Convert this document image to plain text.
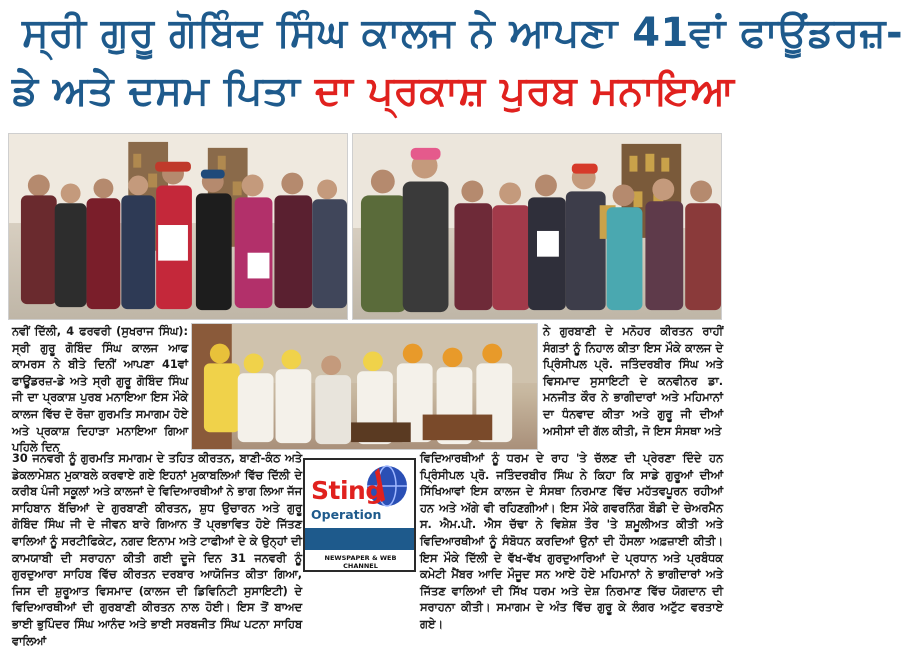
ਸ੍ਰੀ ਗੁਰੂ ਗੋਬਿੰਦ ਸਿੰਘ ਕਾਲਜ ਨੇ ਆਪਣਾ 41ਵਾਂ ਫਾਊਂਡਰਜ਼-
ਡੇ ਅਤੇ ਦਸਮ ਪਿਤਾ ਦਾ ਪ੍ਰਕਾਸ਼ ਪੁਰਬ ਮਨਾਇਆ
ਨਵੀਂ ਦਿੱਲੀ, 4 ਫਰਵਰੀ (ਸੁਖਰਾਜ ਸਿੰਘ): ਸ੍ਰੀ ਗੁਰੂ ਗੋਬਿੰਦ ਸਿੰਘ ਕਾਲਜ ਆਫ ਕਾਮਰਸ ਨੇ ਬੀਤੇ ਦਿਨੀਂ ਆਪਣਾ 41ਵਾਂ ਫਾਊਂਡਰਜ਼-ਡੇ ਅਤੇ ਸ੍ਰੀ ਗੁਰੂ ਗੋਬਿੰਦ ਸਿੰਘ ਜੀ ਦਾ ਪ੍ਰਕਾਸ਼ ਪੁਰਬ ਮਨਾਇਆ ਇਸ ਮੌਕੇ ਕਾਲਜ ਵਿੱਚ ਦੋ ਰੋਜ਼ਾ ਗੁਰਮਤਿ ਸਮਾਗਮ ਹੋਏ ਅਤੇ ਪ੍ਰਕਾਸ਼ ਦਿਹਾੜਾ ਮਨਾਇਆ ਗਿਆ ਪਹਿਲੇ ਦਿਨ
ਨੇ ਗੁਰਬਾਣੀ ਦੇ ਮਨੋਹਰ ਕੀਰਤਨ ਰਾਹੀਂ ਸੰਗਤਾਂ ਨੂੰ ਨਿਹਾਲ ਕੀਤਾ ਇਸ ਮੌਕੇ ਕਾਲਜ ਦੇ ਪ੍ਰਿੰਸੀਪਲ ਪ੍ਰੋ. ਜਤਿੰਦਰਬੀਰ ਸਿੰਘ ਅਤੇ ਵਿਸਮਾਦ ਸੁਸਾਇਟੀ ਦੇ ਕਨਵੀਨਰ ਡਾ. ਮਨਜੀਤ ਕੌਰ ਨੇ ਭਾਗੀਦਾਰਾਂ ਅਤੇ ਮਹਿਮਾਨਾਂ ਦਾ ਧੰਨਵਾਦ ਕੀਤਾ ਅਤੇ ਗੁਰੂ ਜੀ ਦੀਆਂ ਅਸੀਸਾਂ ਦੀ ਗੱਲ ਕੀਤੀ, ਜੋ ਇਸ ਸੰਸਥਾ ਅਤੇ
30 ਜਨਵਰੀ ਨੂੰ ਗੁਰਮਤਿ ਸਮਾਗਮ ਦੇ ਤਹਿਤ ਕੀਰਤਨ, ਬਾਣੀ-ਕੰਠ ਅਤੇ ਡੇਕਲਾਮੇਸ਼ਨ ਮੁਕਾਬਲੇ ਕਰਵਾਏ ਗਏ ਇਹਨਾਂ ਮੁਕਾਬਲਿਆਂ ਵਿੱਚ ਦਿੱਲੀ ਦੇ ਕਰੀਬ ਪੰਜੀ ਸਕੂਲਾਂ ਅਤੇ ਕਾਲਜਾਂ ਦੇ ਵਿਦਿਆਰਥੀਆਂ ਨੇ ਭਾਗ ਲਿਆ ਜੱਜ ਸਾਹਿਬਾਨ ਬੱਚਿਆਂ ਦੇ ਗੁਰਬਾਣੀ ਕੀਰਤਨ, ਸ਼ੁਧ ਉਚਾਰਨ ਅਤੇ ਗੁਰੂ ਗੋਬਿੰਦ ਸਿੰਘ ਜੀ ਦੇ ਜੀਵਨ ਬਾਰੇ ਗਿਆਨ ਤੋਂ ਪ੍ਰਭਾਵਿਤ ਹੋਏ ਜਿੱਤਣ ਵਾਲਿਆਂ ਨੂੰ ਸਰਟੀਫਿਕੇਟ, ਨਗਦ ਇਨਾਮ ਅਤੇ ਟਾਫੀਆਂ ਦੇ ਕੇ ਉਨ੍ਹਾਂ ਦੀ ਕਾਮਯਾਬੀ ਦੀ ਸਰਾਹਨਾ ਕੀਤੀ ਗਈ ਦੂਜੇ ਦਿਨ 31 ਜਨਵਰੀ ਨੂੰ ਗੁਰਦੁਆਰਾ ਸਾਹਿਬ ਵਿੱਚ ਕੀਰਤਨ ਦਰਬਾਰ ਆਯੋਜਿਤ ਕੀਤਾ ਗਿਆ, ਜਿਸ ਦੀ ਸ਼ੁਰੂਆਤ ਵਿਸਮਾਦ (ਕਾਲਜ ਦੀ ਡਿਵਿਨਿਟੀ ਸੁਸਾਇਟੀ) ਦੇ ਵਿਦਿਆਰਥੀਆਂ ਦੀ ਗੁਰਬਾਣੀ ਕੀਰਤਨ ਨਾਲ ਹੋਈ। ਇਸ ਤੋਂ ਬਾਅਦ ਭਾਈ ਭੁਪਿੰਦਰ ਸਿੰਘ ਆਨੰਦ ਅਤੇ ਭਾਈ ਸਰਬਜੀਤ ਸਿੰਘ ਪਟਨਾ ਸਾਹਿਬ ਵਾਲਿਆਂ
ਵਿਦਿਆਰਥੀਆਂ ਨੂੰ ਧਰਮ ਦੇ ਰਾਹ 'ਤੇ ਚੱਲਣ ਦੀ ਪ੍ਰੇਰਣਾ ਦਿੰਦੇ ਹਨ ਪ੍ਰਿੰਸੀਪਲ ਪ੍ਰੋ. ਜਤਿੰਦਰਬੀਰ ਸਿੰਘ ਨੇ ਕਿਹਾ ਕਿ ਸਾਡੇ ਗੁਰੂਆਂ ਦੀਆਂ ਸਿੱਖਿਆਵਾਂ ਇਸ ਕਾਲਜ ਦੇ ਸੰਸਥਾ ਨਿਰਮਾਣ ਵਿੱਚ ਮਹੱਤਵਪੂਰਨ ਰਹੀਆਂ ਹਨ ਅਤੇ ਅੱਗੇ ਵੀ ਰਹਿਣਗੀਆਂ। ਇਸ ਮੌਕੇ ਗਵਰਨਿੰਗ ਬੌਡੀ ਦੇ ਚੇਅਰਮੈਨ ਸ. ਐਮ.ਪੀ. ਐਸ ਚੱਢਾ ਨੇ ਵਿਸ਼ੇਸ਼ ਤੌਰ 'ਤੇ ਸ਼ਮੂਲੀਅਤ ਕੀਤੀ ਅਤੇ ਵਿਦਿਆਰਥੀਆਂ ਨੂੰ ਸੰਬੋਧਨ ਕਰਦਿਆਂ ਉਨਾਂ ਦੀ ਹੌਸਲਾ ਅਫ਼ਜ਼ਾਈ ਕੀਤੀ। ਇਸ ਮੌਕੇ ਦਿੱਲੀ ਦੇ ਵੱਖ-ਵੱਖ ਗੁਰਦੁਆਰਿਆਂ ਦੇ ਪ੍ਰਧਾਨ ਅਤੇ ਪ੍ਰਬੰਧਕ ਕਮੇਟੀ ਮੈਂਬਰ ਆਦਿ ਮੌਜੂਦ ਸਨ ਆਏ ਹੋਏ ਮਹਿਮਾਨਾਂ ਨੇ ਭਾਗੀਦਾਰਾਂ ਅਤੇ ਜਿੱਤਣ ਵਾਲਿਆਂ ਦੀ ਸਿੱਖ ਧਰਮ ਅਤੇ ਦੇਸ਼ ਨਿਰਮਾਣ ਵਿੱਚ ਯੋਗਦਾਨ ਦੀ ਸਰਾਹਨਾ ਕੀਤੀ। ਸਮਾਗਮ ਦੇ ਅੰਤ ਵਿੱਚ ਗੁਰੂ ਕੇ ਲੰਗਰ ਅਟੁੱਟ ਵਰਤਾਏ ਗਏ।
Sting
Operation
NEWSPAPER & WEB CHANNEL
